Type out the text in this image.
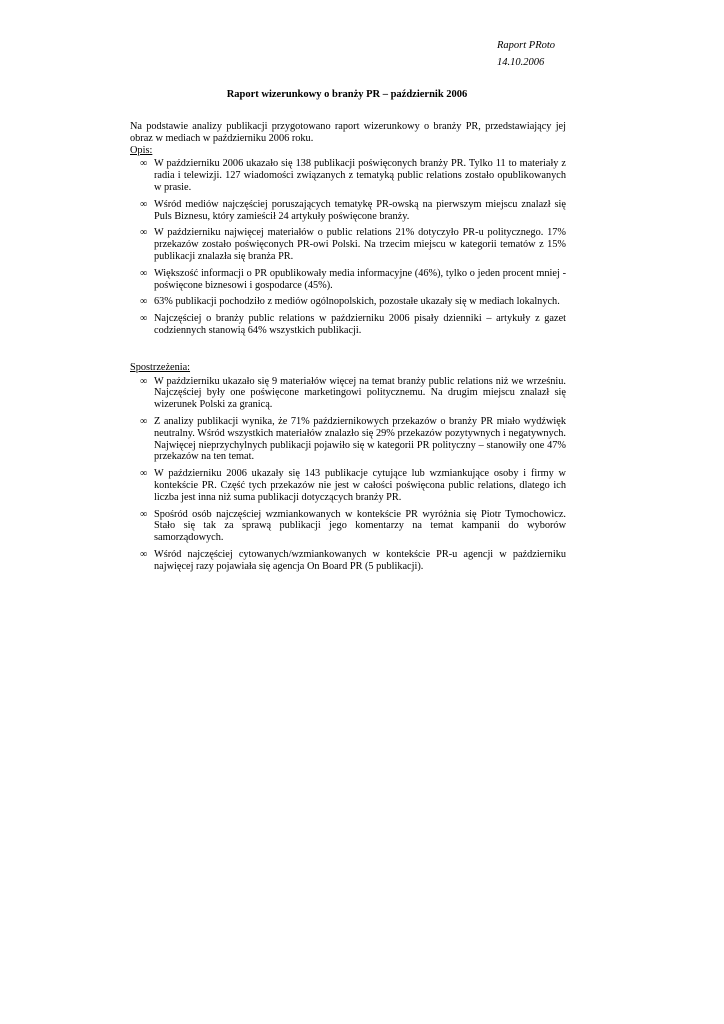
Raport PRoto
14.10.2006
Raport wizerunkowy o branży PR – październik 2006

Na podstawie analizy publikacji przygotowano raport wizerunkowy o branży PR, przedstawiający jej obraz w mediach w październiku 2006 roku.

Opis:

∞ W październiku 2006 ukazało się 138 publikacji poświęconych branży PR. Tylko 11 to materiały z radia i telewizji. 127 wiadomości związanych z tematyką public relations zostało opublikowanych w prasie.
∞ Wśród mediów najczęściej poruszających tematykę PR-owską na pierwszym miejscu znalazł się Puls Biznesu, który zamieścił 24 artykuły poświęcone branży.
∞ W październiku najwięcej materiałów o public relations 21% dotyczyło PR-u politycznego. 17% przekazów zostało poświęconych PR-owi Polski. Na trzecim miejscu w kategorii tematów z 15% publikacji znalazła się branża PR.
∞ Większość informacji o PR opublikowały media informacyjne (46%), tylko o jeden procent mniej - poświęcone biznesowi i gospodarce (45%).
∞ 63% publikacji pochodziło z mediów ogólnopolskich, pozostałe ukazały się w mediach lokalnych.
∞ Najczęściej o branży public relations w październiku 2006 pisały dzienniki – artykuły z gazet codziennych stanowią 64% wszystkich publikacji.

Spostrzeżenia:

∞ W październiku ukazało się 9 materiałów więcej na temat branży public relations niż we wrześniu. Najczęściej były one poświęcone marketingowi politycznemu. Na drugim miejscu znalazł się wizerunek Polski za granicą.
∞ Z analizy publikacji wynika, że 71% październikowych przekazów o branży PR miało wydźwięk neutralny. Wśród wszystkich materiałów znalazło się 29% przekazów pozytywnych i negatywnych. Najwięcej nieprzychylnych publikacji pojawiło się w kategorii PR polityczny – stanowiły one 47% przekazów na ten temat.
∞ W październiku 2006 ukazały się 143 publikacje cytujące lub wzmiankujące osoby i firmy w kontekście PR. Część tych przekazów nie jest w całości poświęcona public relations, dlatego ich liczba jest inna niż suma publikacji dotyczących branży PR.
∞ Spośród osób najczęściej wzmiankowanych w kontekście PR wyróżnia się Piotr Tymochowicz. Stało się tak za sprawą publikacji jego komentarzy na temat kampanii do wyborów samorządowych.
∞ Wśród najczęściej cytowanych/wzmiankowanych w kontekście PR-u agencji w październiku najwięcej razy pojawiała się agencja On Board PR (5 publikacji).
